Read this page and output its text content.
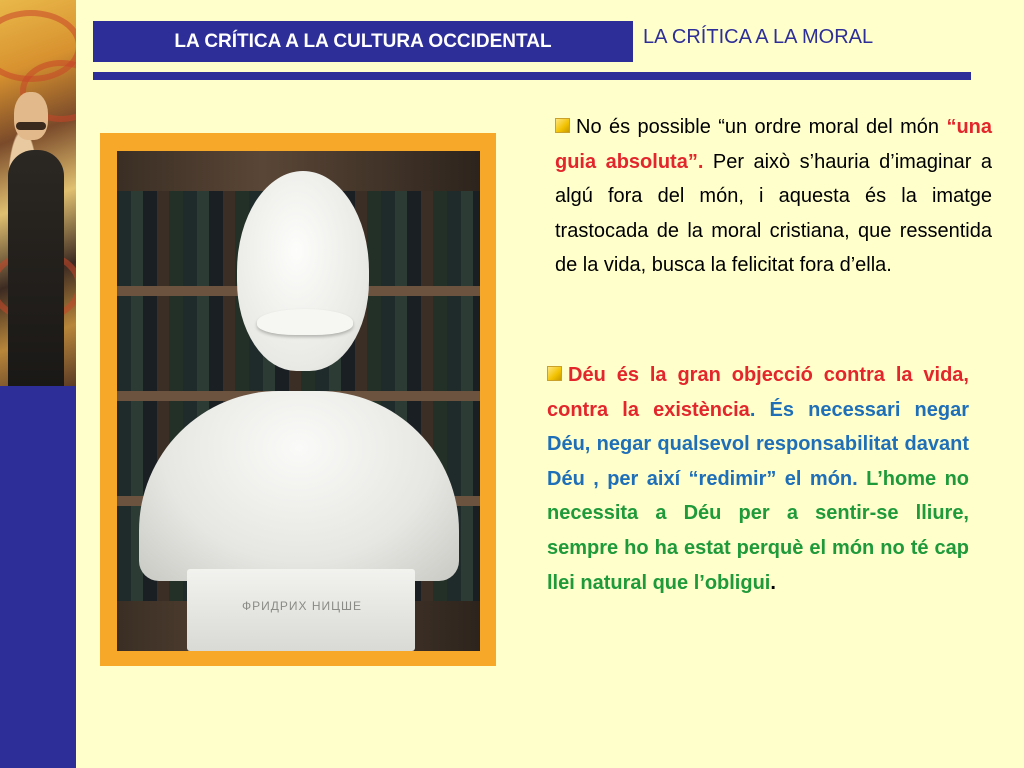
LA CRÍTICA A LA CULTURA OCCIDENTAL	LA CRÍTICA A LA MORAL
ФРИДРИХ НИЦШЕ
No és possible “un ordre moral del món “una guia absoluta”. Per això s’hauria d’imaginar a algú fora del món, i aquesta és la imatge trastocada de la moral cristiana, que ressentida de la vida, busca la felicitat fora d’ella.
Déu és la gran objecció contra la vida, contra la existència. És necessari negar Déu, negar qualsevol responsabilitat davant Déu , per així “redimir” el món. L’home no necessita a Déu per a sentir-se lliure, sempre ho ha estat perquè el món no té cap llei natural que l’obligui.
